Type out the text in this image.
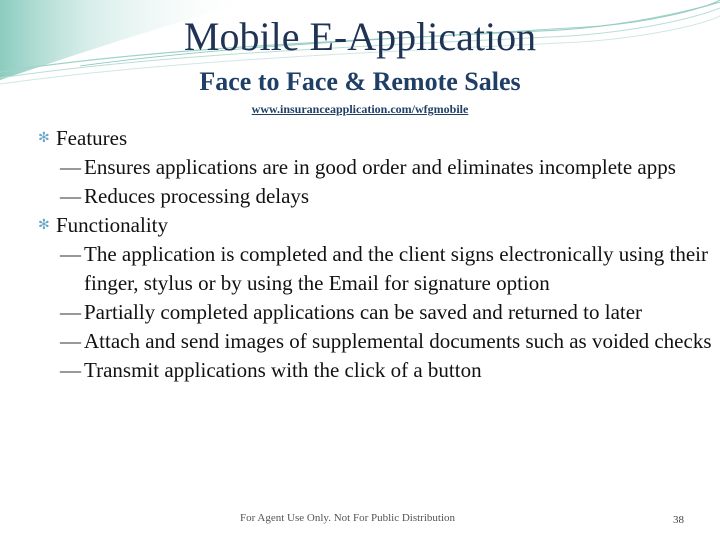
Mobile E-Application
Face to Face & Remote Sales
www.insuranceapplication.com/wfgmobile
✻ Features
— Ensures applications are in good order and eliminates incomplete apps
— Reduces processing delays
✻ Functionality
— The application is completed and the client signs electronically using their finger, stylus or by using the Email for signature option
— Partially completed applications can be saved and returned to later
— Attach and send images of supplemental documents such as voided checks
— Transmit applications with the click of a button
For Agent Use Only. Not For Public Distribution	38
